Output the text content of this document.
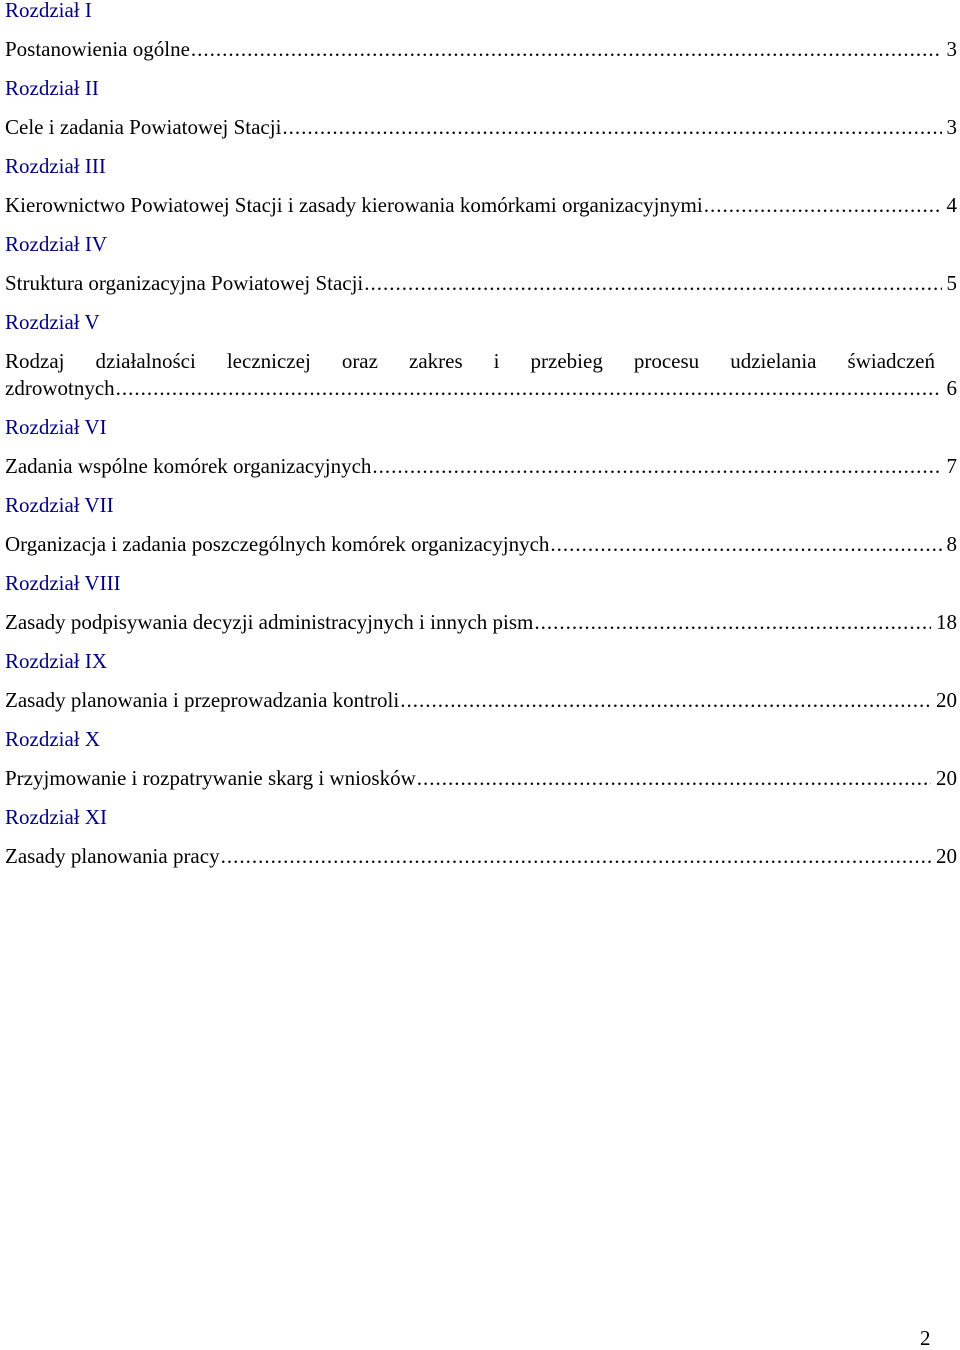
Rozdział I
Postanowienia ogólne .....	3
Rozdział II
Cele i zadania Powiatowej Stacji .....	3
Rozdział III
Kierownictwo Powiatowej Stacji i zasady kierowania komórkami organizacyjnymi .....	4
Rozdział IV
Struktura organizacyjna Powiatowej Stacji .....	5
Rozdział V
Rodzaj działalności leczniczej oraz zakres i przebieg procesu udzielania świadczeń
zdrowotnych .....	6
Rozdział VI
Zadania wspólne komórek organizacyjnych .....	7
Rozdział VII
Organizacja i zadania poszczególnych komórek organizacyjnych .....	8
Rozdział VIII
Zasady podpisywania decyzji administracyjnych i innych pism .....	18
Rozdział IX
Zasady planowania i przeprowadzania kontroli .....	20
Rozdział X
Przyjmowanie i rozpatrywanie skarg i wniosków .....	20
Rozdział XI
Zasady planowania pracy .....	20
2
